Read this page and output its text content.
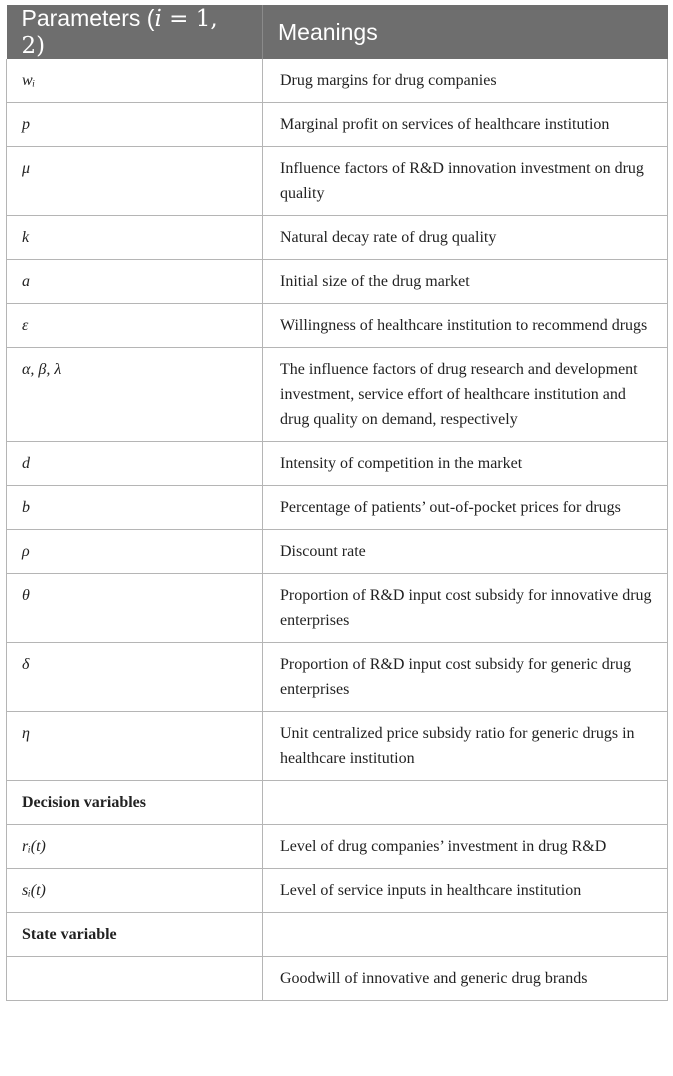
Parameters (i = 1, 2)	Meanings
wᵢ	Drug margins for drug companies
p	Marginal profit on services of healthcare institution
μ	Influence factors of R&D innovation investment on drug quality
k	Natural decay rate of drug quality
a	Initial size of the drug market
ε	Willingness of healthcare institution to recommend drugs
α, β, λ	The influence factors of drug research and development investment, service effort of healthcare institution and drug quality on demand, respectively
d	Intensity of competition in the market
b	Percentage of patients’ out-of-pocket prices for drugs
ρ	Discount rate
θ	Proportion of R&D input cost subsidy for innovative drug enterprises
δ	Proportion of R&D input cost subsidy for generic drug enterprises
η	Unit centralized price subsidy ratio for generic drugs in healthcare institution
Decision variables	
rᵢ(t)	Level of drug companies’ investment in drug R&D
sᵢ(t)	Level of service inputs in healthcare institution
State variable	
	Goodwill of innovative and generic drug brands
